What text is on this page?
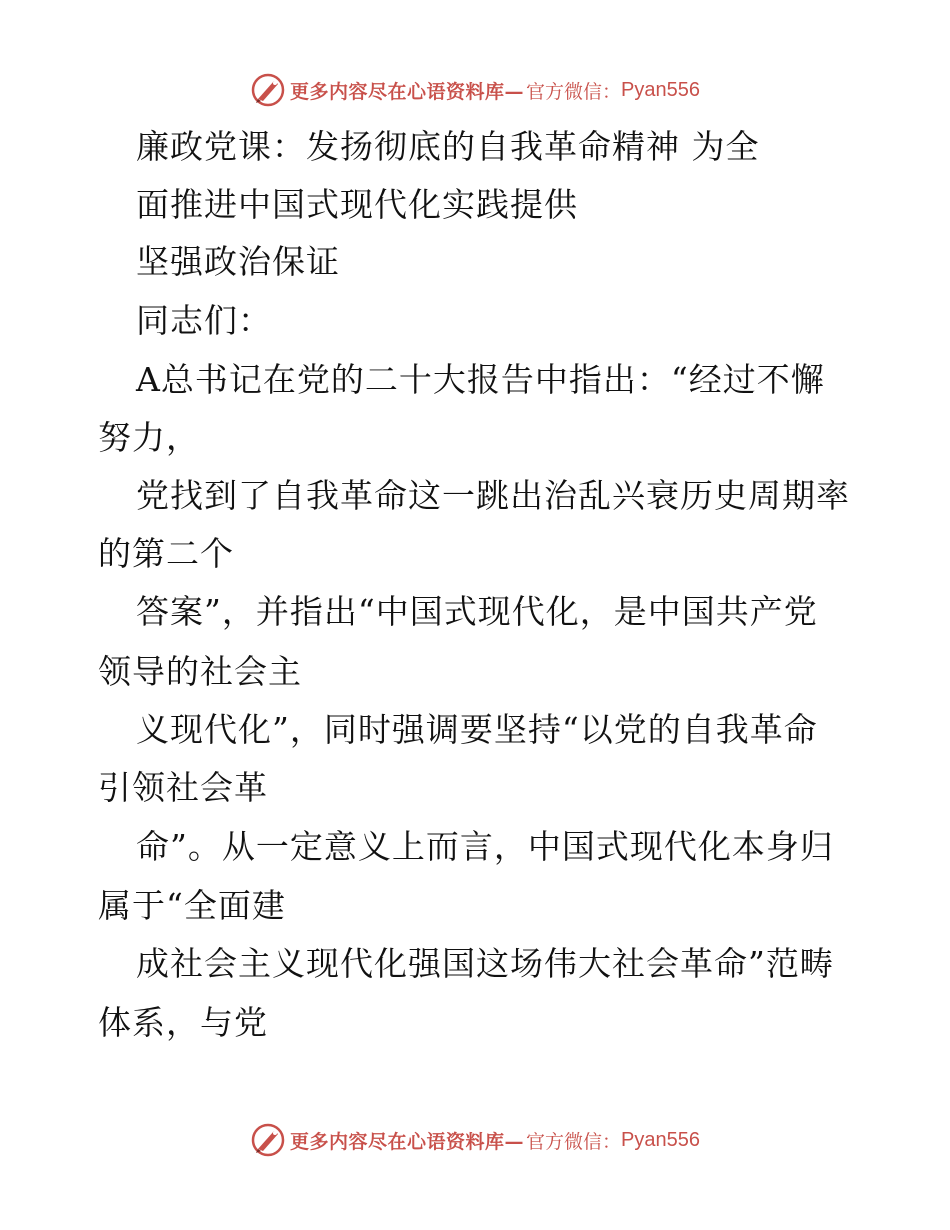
更多内容尽在心语资料库— 官方微信： Pyan556
廉政党课：发扬彻底的自我革命精神 为全
面推进中国式现代化实践提供
坚强政治保证
同志们：
A总书记在党的二十大报告中指出：“经过不懈
努力，
党找到了自我革命这一跳出治乱兴衰历史周期率
的第二个
答案”，并指出“中国式现代化，是中国共产党
领导的社会主
义现代化”，同时强调要坚持“以党的自我革命
引领社会革
命”。从一定意义上而言，中国式现代化本身归
属于“全面建
成社会主义现代化强国这场伟大社会革命”范畴
体系，与党
更多内容尽在心语资料库— 官方微信： Pyan556
